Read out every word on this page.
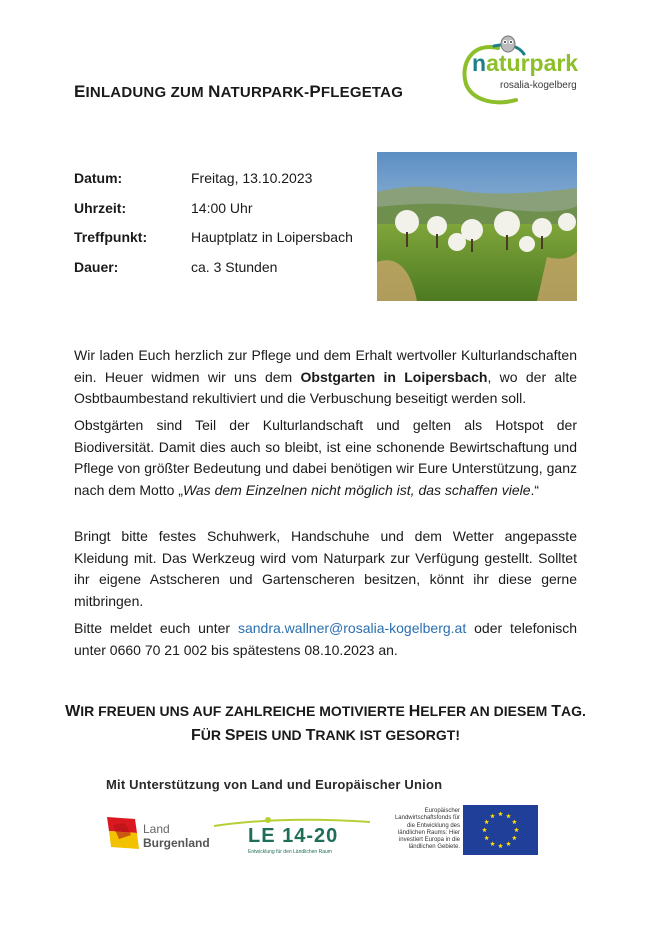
EINLADUNG ZUM NATURPARK-PFLEGETAG
naturpark
rosalia-kogelberg
Datum:	Freitag, 13.10.2023
Uhrzeit:	14:00 Uhr
Treffpunkt:	Hauptplatz in Loipersbach
Dauer:	ca. 3 Stunden
Wir laden Euch herzlich zur Pflege und dem Erhalt wertvoller Kulturlandschaften ein. Heuer widmen wir uns dem Obstgarten in Loipersbach, wo der alte Osbtbaumbestand rekultiviert und die Verbuschung beseitigt werden soll.
Obstgärten sind Teil der Kulturlandschaft und gelten als Hotspot der Biodiversität. Damit dies auch so bleibt, ist eine schonende Bewirtschaftung und Pflege von größter Bedeutung und dabei benötigen wir Eure Unterstützung, ganz nach dem Motto „Was dem Einzelnen nicht möglich ist, das schaffen viele.“
Bringt bitte festes Schuhwerk, Handschuhe und dem Wetter angepasste Kleidung mit. Das Werkzeug wird vom Naturpark zur Verfügung gestellt. Solltet ihr eigene Astscheren und Gartenscheren besitzen, könnt ihr diese gerne mitbringen.
Bitte meldet euch unter sandra.wallner@rosalia-kogelberg.at oder telefonisch unter 0660 70 21 002 bis spätestens 08.10.2023 an.
WIR FREUEN UNS AUF ZAHLREICHE MOTIVIERTE HELFER AN DIESEM TAG.
FÜR SPEIS UND TRANK IST GESORGT!
Mit Unterstützung von Land und Europäischer Union
Land
Burgenland LE 14-20
Entwicklung für den Ländlichen Raum
Europäischer Landwirtschaftsfonds für die Entwicklung des ländlichen Raums: Hier investiert Europa in die ländlichen Gebiete.
